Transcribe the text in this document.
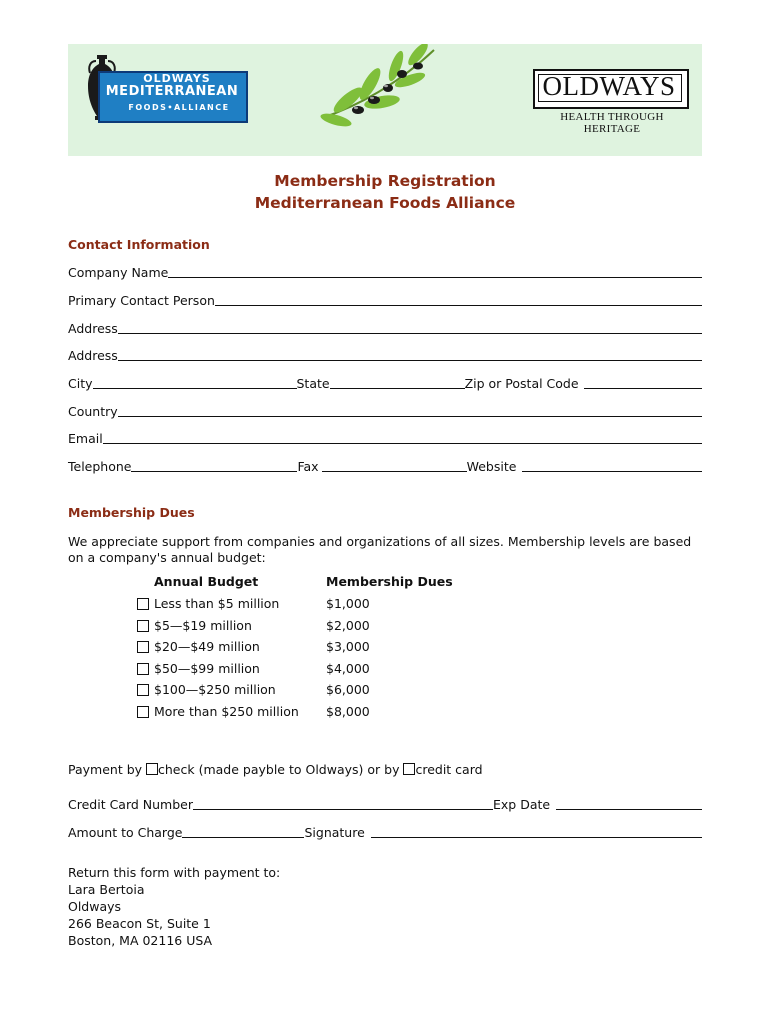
OLDWAYS
MEDITERRANEAN
FOODS•ALLIANCE
OLDWAYS
HEALTH THROUGH HERITAGE
Membership Registration
Mediterranean Foods Alliance
Contact Information
Company Name
Primary Contact Person
Address
Address
City	State	Zip or Postal Code
Country
Email
Telephone	Fax	Website
Membership Dues
We appreciate support from companies and organizations of all sizes. Membership levels are based on a company's annual budget:
Annual Budget	Membership Dues
Less than $5 million	$1,000
$5—$19 million	$2,000
$20—$49 million	$3,000
$50—$99 million	$4,000
$100—$250 million	$6,000
More than $250 million $8,000
Payment by check (made payble to Oldways) or by credit card
Credit Card Number	Exp Date
Amount to Charge	Signature
Return this form with payment to:
Lara Bertoia
Oldways
266 Beacon St, Suite 1
Boston, MA 02116 USA
